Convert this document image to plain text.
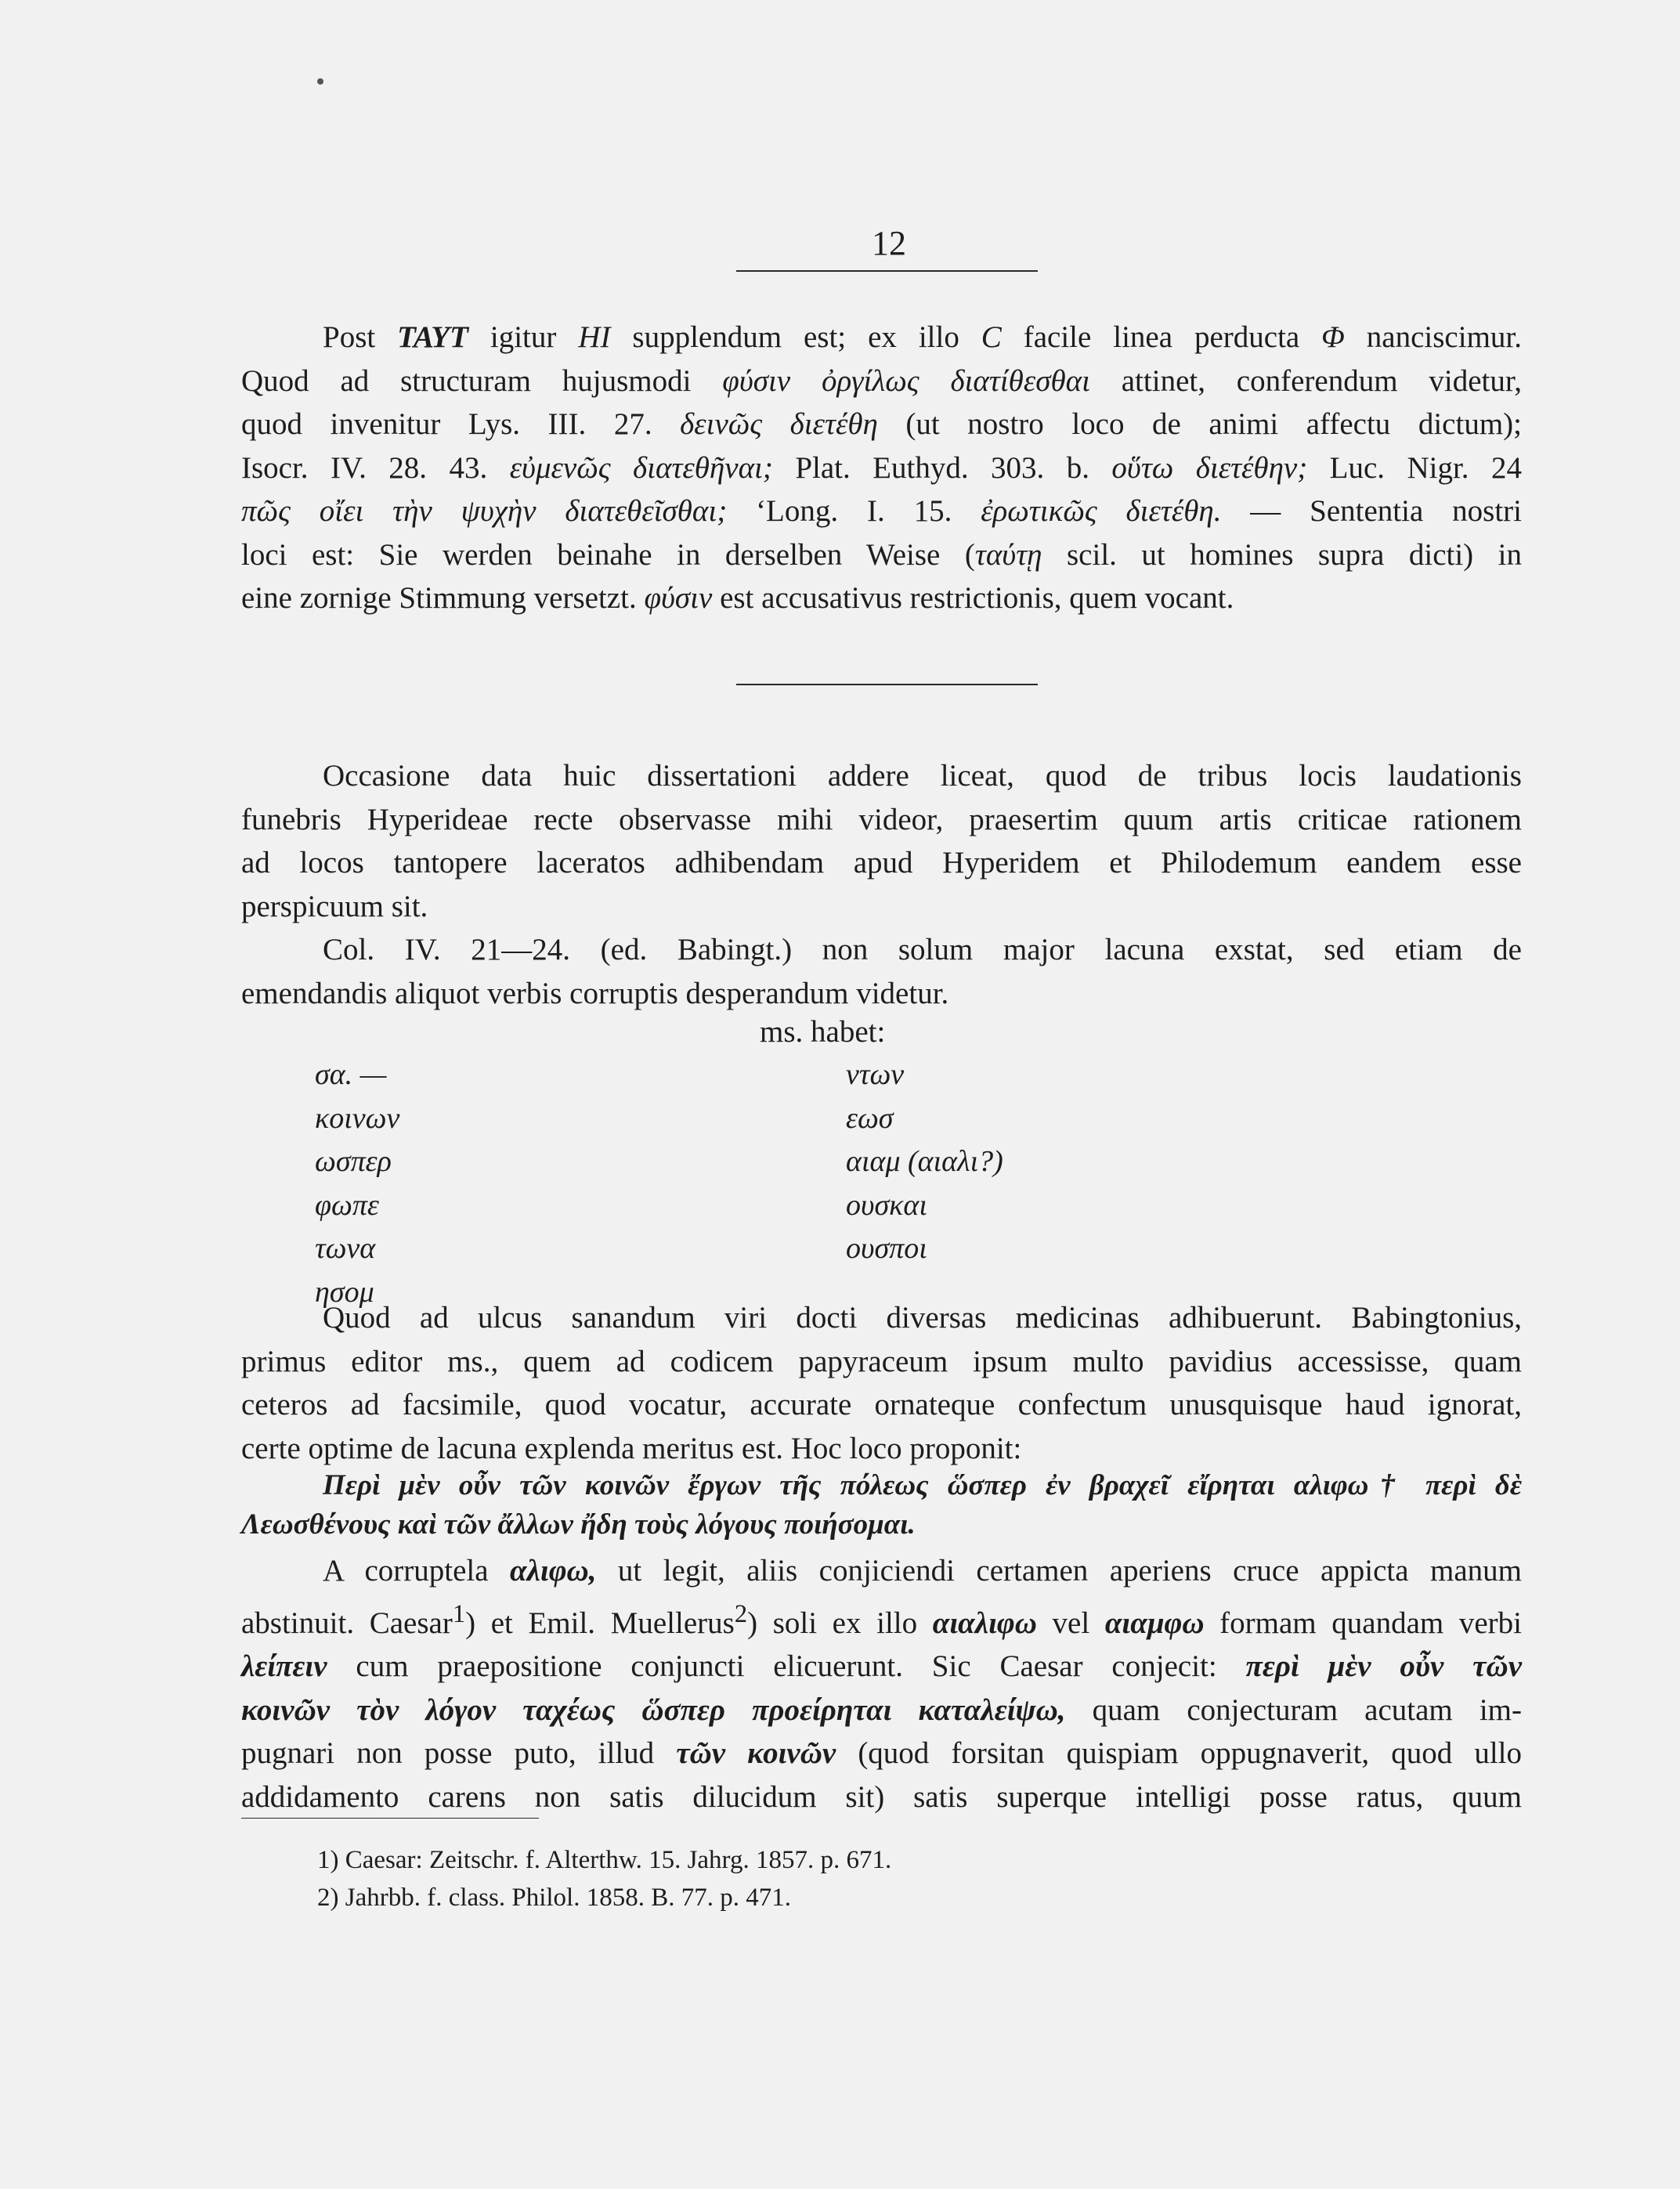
12

Post ΤΑΥΤ igitur ΗΙ supplendum est; ex illo C facile linea perducta Φ nanciscimur.

Quod ad structuram hujusmodi φύσιν ὀργίλως διατίθεσθαι attinet, conferendum videtur,

quod invenitur Lys. III. 27. δεινῶς διετέθη (ut nostro loco de animi affectu dictum);

Isocr. IV. 28. 43. εὐμενῶς διατεθῆναι; Plat. Euthyd. 303. b. οὕτω διετέθην; Luc. Nigr. 24

πῶς οἴει τὴν ψυχὴν διατεθεῖσθαι; ‘Long. I. 15. ἐρωτικῶς διετέθη. — Sententia nostri

loci est: Sie werden beinahe in derselben Weise (ταύτῃ scil. ut homines supra dicti) in

eine zornige Stimmung versetzt. φύσιν est accusativus restrictionis, quem vocant.

Occasione data huic dissertationi addere liceat, quod de tribus locis laudationis

funebris Hyperideae recte observasse mihi videor, praesertim quum artis criticae rationem

ad locos tantopere laceratos adhibendam apud Hyperidem et Philodemum eandem esse

perspicuum sit.

Col. IV. 21—24. (ed. Babingt.) non solum major lacuna exstat, sed etiam de

emendandis aliquot verbis corruptis desperandum videtur.

ms. habet:

σα. —
κοινων
ωσπερ
φωπε
τωνα
ησομ
ντων
εωσ
αιαμ (αιαλι?)
ουσκαι
ουσποι

Quod ad ulcus sanandum viri docti diversas medicinas adhibuerunt. Babingtonius,

primus editor ms., quem ad codicem papyraceum ipsum multo pavidius accessisse, quam

ceteros ad facsimile, quod vocatur, accurate ornateque confectum unusquisque haud ignorat,

certe optime de lacuna explenda meritus est. Hoc loco proponit:

Περὶ μὲν οὖν τῶν κοινῶν ἔργων τῆς πόλεως ὥσπερ ἐν βραχεῖ εἴρηται αλιφω† περὶ δὲ

Λεωσθένους καὶ τῶν ἄλλων ἤδη τοὺς λόγους ποιήσομαι.

A corruptela αλιφω, ut legit, aliis conjiciendi certamen aperiens cruce appicta manum

abstinuit. Caesar$^1$) et Emil. Muellerus$^2$) soli ex illo αιαλιφω vel αιαμφω formam quandam verbi

λείπειν cum praepositione conjuncti elicuerunt. Sic Caesar conjecit: περὶ μὲν οὖν τῶν

κοινῶν τὸν λόγον ταχέως ὥσπερ προείρηται καταλείψω, quam conjecturam acutam im-

pugnari non posse puto, illud τῶν κοινῶν (quod forsitan quispiam oppugnaverit, quod ullo

addidamento carens non satis dilucidum sit) satis superque intelligi posse ratus, quum

1) Caesar: Zeitschr. f. Alterthw. 15. Jahrg. 1857. p. 671.
2) Jahrbb. f. class. Philol. 1858. B. 77. p. 471.
